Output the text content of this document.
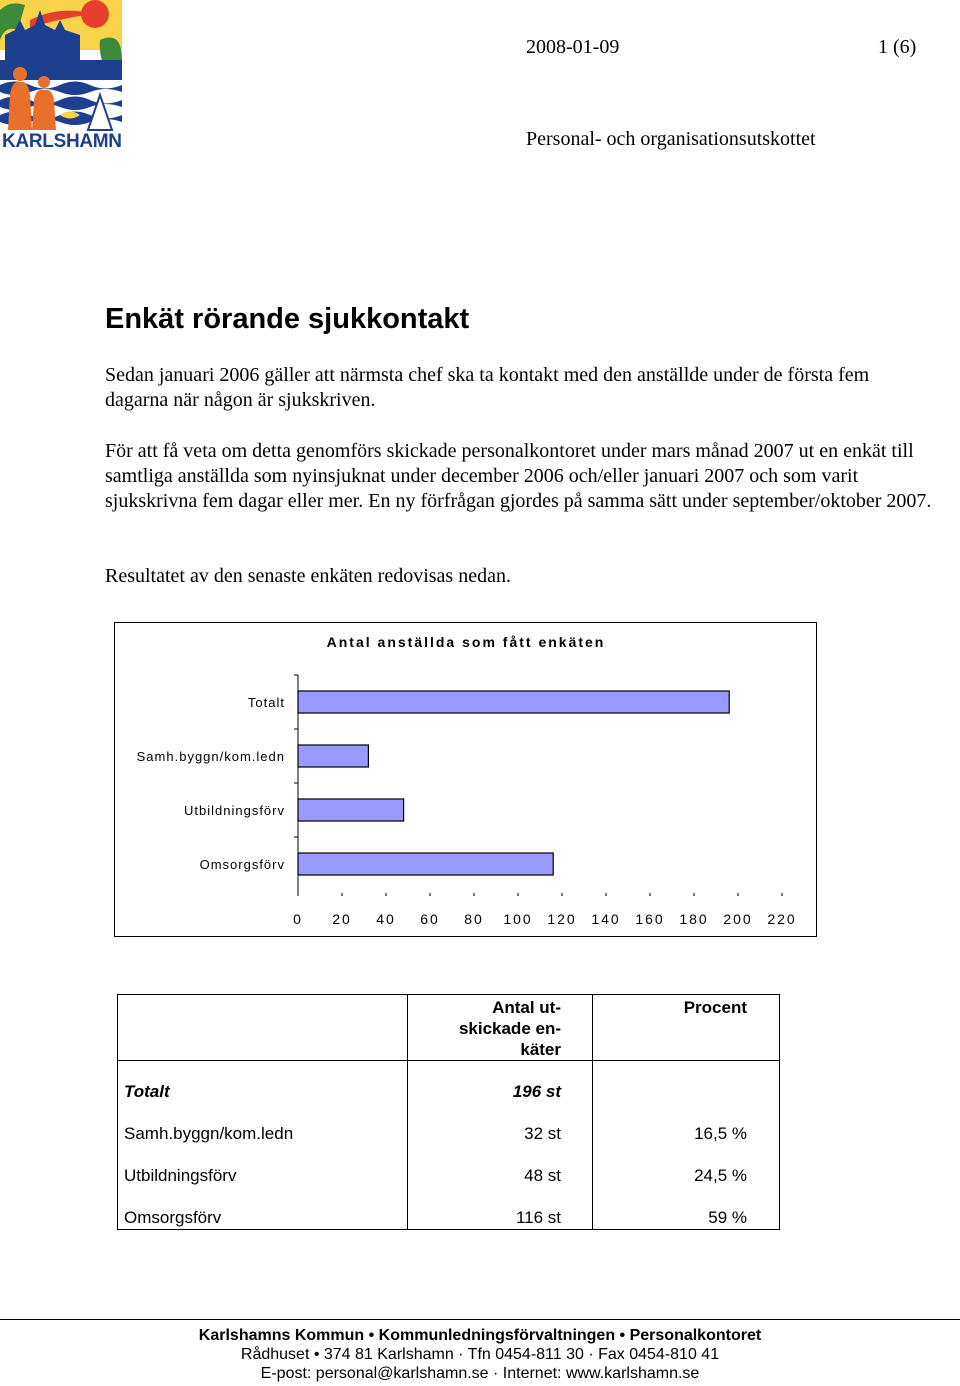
KARLSHAMN
2008-01-09	1 (6)
Personal- och organisationsutskottet
Enkät rörande sjukkontakt
Sedan januari 2006 gäller att närmsta chef ska ta kontakt med den anställde under de första fem dagarna när någon är sjukskriven.
För att få veta om detta genomförs skickade personalkontoret under mars månad 2007 ut en enkät till samtliga anställda som nyinsjuknat under december 2006 och/eller januari 2007 och som varit sjukskrivna fem dagar eller mer. En ny förfrågan gjordes på samma sätt under september/oktober 2007.
Resultatet av den senaste enkäten redovisas nedan.
Antal anställda som fått enkäten
Totalt
Samh.byggn/kom.ledn
Utbildningsförv
Omsorgsförv
0 20 40 60 80 100 120 140 160 180 200 220

	Antal ut-
skickade en-
käter	Procent
Totalt	196 st	
Samh.byggn/kom.ledn	32 st	16,5 %
Utbildningsförv	48 st	24,5 %
Omsorgsförv	116 st	59 %
Karlshamns Kommun • Kommunledningsförvaltningen • Personalkontoret
Rådhuset • 374 81 Karlshamn · Tfn 0454-811 30 · Fax 0454-810 41
E-post: personal@karlshamn.se · Internet: www.karlshamn.se
